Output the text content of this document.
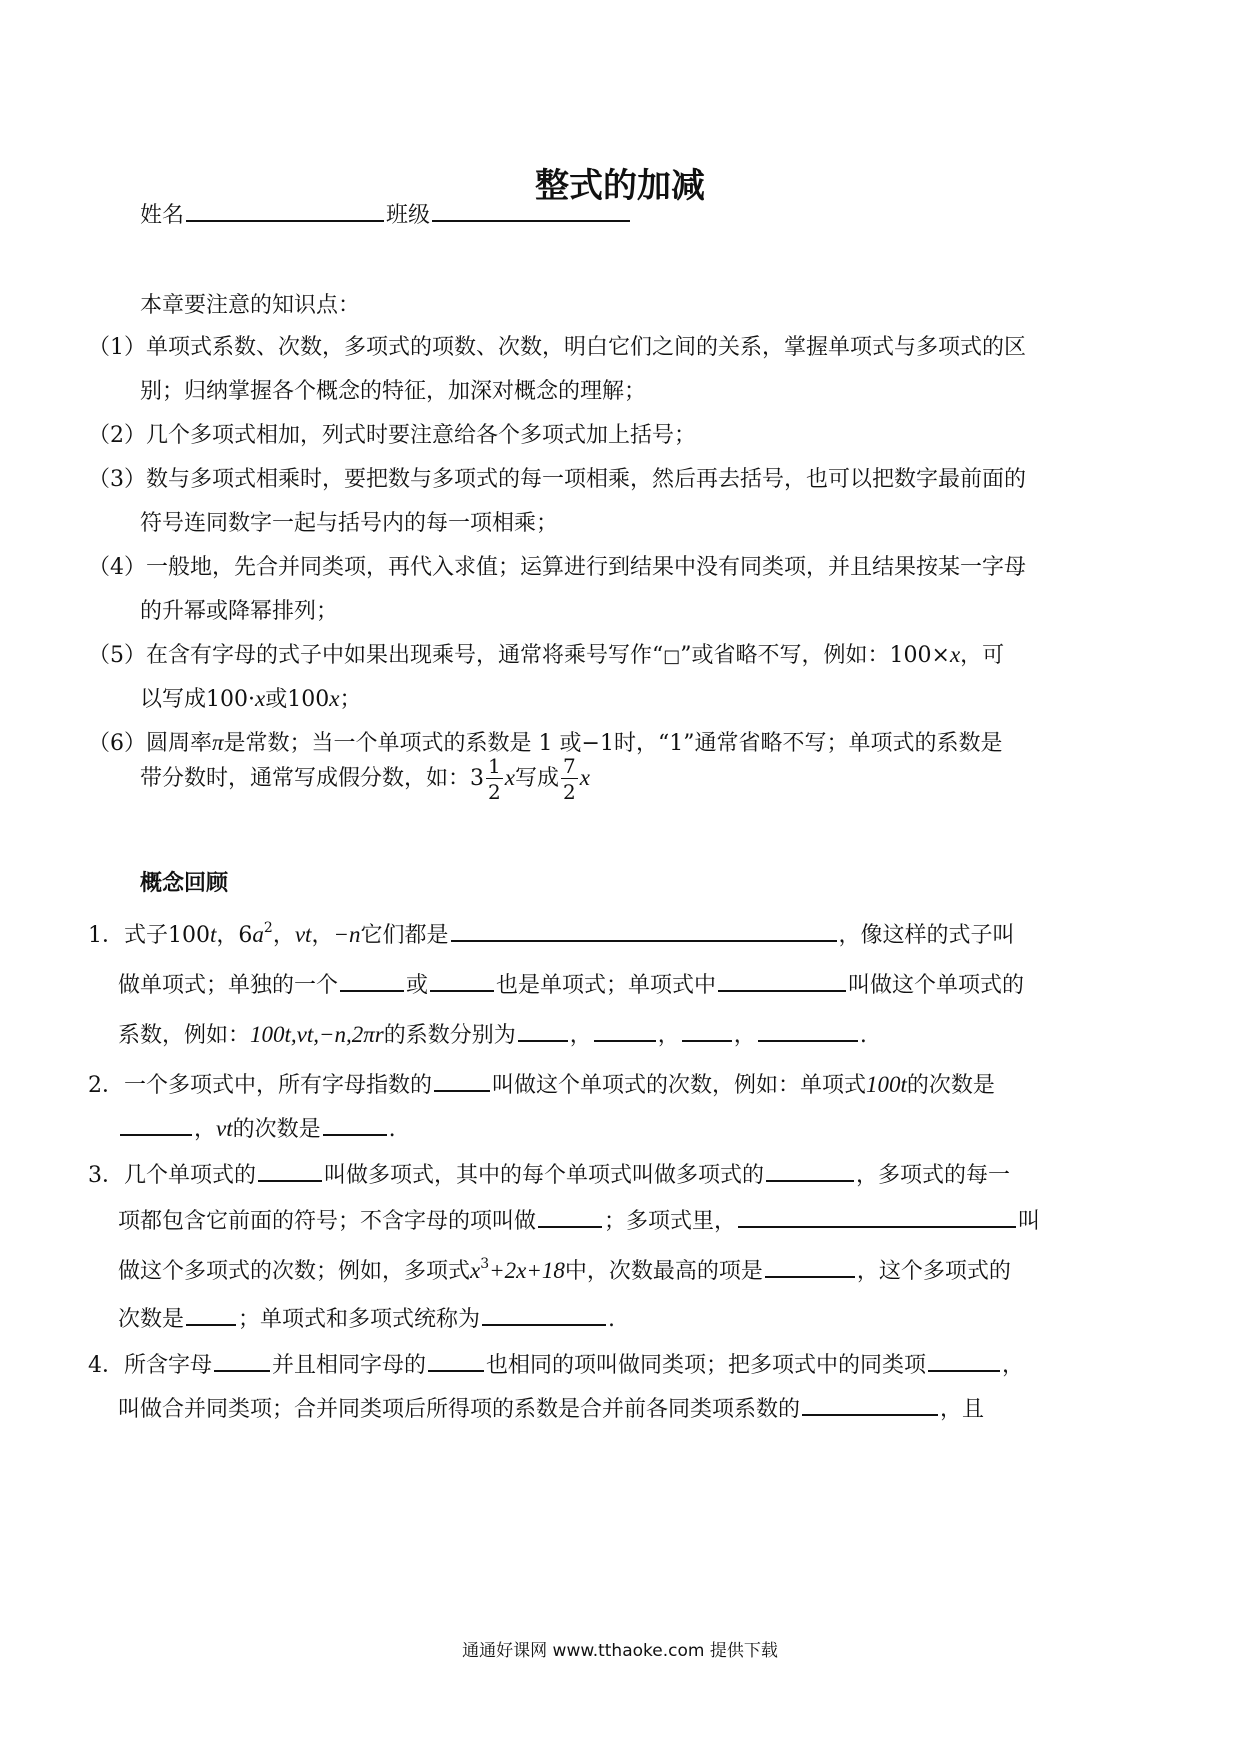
整式的加减
姓名	班级
本章要注意的知识点：
（1）单项式系数、次数，多项式的项数、次数，明白它们之间的关系，掌握单项式与多项式的区
别；归纳掌握各个概念的特征，加深对概念的理解；
（2）几个多项式相加，列式时要注意给各个多项式加上括号；
（3）数与多项式相乘时，要把数与多项式的每一项相乘，然后再去括号，也可以把数字最前面的
符号连同数字一起与括号内的每一项相乘；
（4）一般地，先合并同类项，再代入求值；运算进行到结果中没有同类项，并且结果按某一字母
的升幂或降幂排列；
（5）在含有字母的式子中如果出现乘号，通常将乘号写作“□”或省略不写，例如：100×x，可
以写成100·x或100x；
（6）圆周率π是常数；当一个单项式的系数是 1 或−1时，“1”通常省略不写；单项式的系数是
带分数时，通常写成假分数，如：$3 \frac{1}{2}$ x写成 $\frac{7}{2}$ x
概念回顾
1．式子100t，$6a^2$，vt，−n它们都是	，像这样的式子叫
做单项式；单独的一个	或	也是单项式；单项式中	叫做这个单项式的
系数，例如：100t,vt,−n,2πr的系数分别为 ，	， ，	.
2．一个多项式中，所有字母指数的	叫做这个单项式的次数，例如：单项式100t的次数是
，vt的次数是	.
3．几个单项式的	叫做多项式，其中的每个单项式叫做多项式的	，多项式的每一
项都包含它前面的符号；不含字母的项叫做	；多项式里，	叫
做这个多项式的次数；例如，多项式$x^3+2x+18$中，次数最高的项是	，这个多项式的
次数是 ；单项式和多项式统称为	.
4．所含字母	并且相同字母的	也相同的项叫做同类项；把多项式中的同类项	，
叫做合并同类项；合并同类项后所得项的系数是合并前各同类项系数的	，且
通通好课网 www.tthaoke.com 提供下载
